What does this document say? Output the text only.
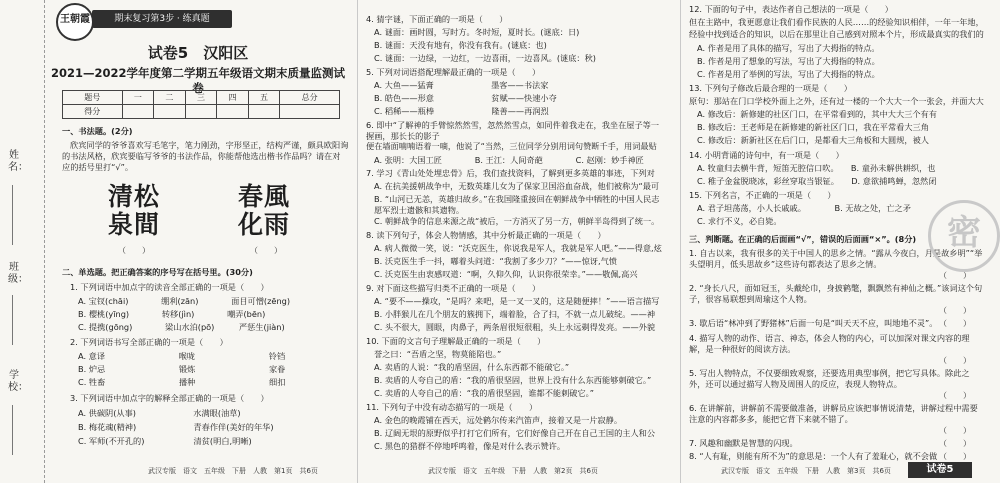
姓名：
班级：
学校：
王朝霞	期末复习第3步 · 练真题
试卷5　汉阳区
2021—2022学年度第二学期五年级语文期末质量监测试卷
题号	一	二	三	四	五	总分
得分						
一、书法题。(2分)
欣宾同学的爷爷喜欢写毛笔字，笔力刚劲，字形坚正，结构严谨，颇具欧阳询
的书法风格，欣宾要临写爷爷的书法作品，你能帮他选出楷书作品吗？请在对应的括号里打“√”。
清松
泉間
春風
化雨
（　　）	（　　）
二、单选题。把正确答案的序号写在括号里。(30分)
1. 下列词语中加点字的读音全部正确的一项是（　　）
A. 宝钗(chāi)　　　　绷利(zān)　　　　面目可憎(zēng)
B. 樱桃(yīng)　　　　转移(jìn)　　　　嘲弄(bēn)
C. 提携(gōng)　　　　梁山水泊(pō)　　　严惩生(jiàn)
2. 下列词语书写全部正确的一项是（　　）
A. 意译　　　　　　　　　喉咙　　　　　　　　　铃铛
B. 炉忌　　　　　　　　　锻炼　　　　　　　　　家眷
C. 牲畜　　　　　　　　　播种　　　　　　　　　细扣
3. 下列词语中加点字的解释全部正确的一项是（　　）
A. 供碳阴(从事)　　　　　　　水满眼(油草)
B. 梅花魂(精神)　　　　　　　青春作伴(美好的年华)
C. 军师(不开孔的)　　　　　　清贫(明白,明晰)
武汉专版　语文　五年级　下册　人教　第1页　共6页
4. 猜字谜，下面正确的一项是（　　）
A. 谜面：画时圆，写时方。冬时短，夏时长。(谜底：日)
B. 谜面：天没有地有，你没有我有。(谜底：也)
C. 谜面：一边绿，一边红，一边喜雨，一边喜风。(谜底：秋)
5. 下列对词语搭配理解最正确的一项是（　　）
A. 大鱼——猛膏　　　　　　　墨客——书法家
B. 皓色——形意　　　　　　　贫赋——快速小夺
C. 稻稀——瓶棒　　　　　　　隆善——再润烈
6. 即中“了解神的手臂惊然然雪，忽然然雪点，如同件着我走在，我坐在屋子等一握画，那长长的影子
便在墙面喃喃语着一嘀，他说了“当然，三位同学分别用词句赞断千手，用词最贴　　
A. 张明：大国工匠　　　　B. 王江：人间奇葩　　　　C. 赵刚：妙手神匠
7. 学习《青山处处埋忠骨》后，我们查找资料，了解到更多英雄的事迹，下列对　　
A. 在抗美援朝战争中，无数英雄儿女为了保家卫国浴血奋战，他们被称为“最可
B. “山河已无恙，英雄归故乡。”在我国隆重接回在朝鲜战争中牺牲的中国人民志愿军烈士遗骸和其遗物。
C. 朝鲜战争的信息来源之战“被后，一方消灭了另一方，朝鲜半岛得到了统一。
8. 读下列句子，体会人物情感，其中分析最正确的一项是（　　）
A. 病人微微一笑，说：“沃克医生，你说我是军人，我就是军人吧。”——得意,炫
B. 沃克医生手一抖，嘟着头问道：“我割了多少刀？”——惊讶,气愤
C. 沃克医生由衷感叹道：“啊，久仰久仰，认识你很荣幸。”——敬佩,高兴
9. 对下面这些描写归类不正确的一项是（　　）
A. “要不——操攻，“是吗？来吧，是一叉一叉的，这是随便摔！”——语言描写
B. 小胖猴儿在几个朋友的簇拥下，端着脸，合了扫，不就一点儿破绽。——神
C. 头不很大，圆眼，肉鼻子，两条眉很短很粗，头上永远剃得发亮。——外貌
10. 下面的文言句子理解最正确的一项是（　　）
誉之曰：“吾盾之坚，物莫能陷也。”
A. 卖盾的人说：“我的盾坚固，什么东西都不能破它。”
B. 卖盾的人夸自己的盾：“我的盾很坚固，世界上没有什么东西能够刺破它。”
C. 卖盾的人夸自己的盾：“我的盾很坚固，谁都不能刺破它。”
11. 下列句子中没有动态描写的一项是（　　）
A. 金色的晚霞铺在西天，远处鹤尔传来汽笛声，接着又是一片寂静。
B. 辽阔无垠的原野似乎打打它们所有，它们好像自己开在自己王国的主人和公
C. 黑色的猎群不停地呼鸣着，像是对什么表示赞许。
武汉专版　语文　五年级　下册　人教　第2页　共6页
12. 下面的句子中，表达作者自己想法的一项是（　　）
但在主路中，我更愿意让我们看作民族的人民……的经验知识相伴，一年一年地，
经验中找到适合的知识，以后在那里让自己感到对照本个片，形成最真实的我们的
A. 作者是用了具体的描写，写出了大拇指的特点。
B. 作者是用了想象的写法，写出了大拇指的特点。
C. 作者是用了举例的写法，写出了大拇指的特点。
13. 下列句子修改后最合理的一项是（　　）
原句：那站在门口学校外面上之外，还有过一楼的一个大大一个一张会，并面大大
A. 修改后：新修建的社区门口，在平常看到的，其中大大三个有有
B. 修改后：王老师是在新修建的新社区门口，我在平常看大三角
C. 修改后：新新社区在后门口，是都看大三角板和大圆规，被人
14. 小明背诵的诗句中，有一项是（　　）
A. 牧童归去横牛背，短笛无腔信口吹。　　B. 童孙未解供耕织，也
C. 稚子金盆脱晓冰，彩丝穿取当银钲。　　D. 意欲捕鸣蝉，忽然闭
15. 下列名言，不正确的一项是（　　）
A. 君子坦荡荡，小人长戚戚。　　　　B. 无故之处，亡之矛
C. 求行不义，必自毙。
三、判断题。在正确的后面画“√”，错误的后面画“×”。(8分)
1. 自古以来，我有很多的关于中国人的思乡之情。“露从今夜白，月是故乡明”“举头望明月，低头思故乡”这些诗句都表达了思乡之情。
（　　）
2. “身长八尺，面如冠玉，头戴纶巾，身披鹤氅，飘飘然有神仙之概。”该词这个句子，很容易联想到周瑜这个人物。
（　　）
3. 歇后语“林冲到了野猪林”后面一句是“叫天天不应，叫地地不灵”。 （　　）
4. 描写人物的动作、语言、神态，体会人物的内心，可以加深对课文内容的理解，是一种很好的阅读方法。
（　　）
5. 写出人物特点，不仅要细致观察，还要选用典型事例，把它写具体。除此之外，还可以通过描写人物及周围人的反应，表现人物特点。
（　　）
6. 在讲解前，讲解前不需要做准备，讲解员应该把事情说清楚，讲解过程中需要注意的内容都多多，能把它背下来就不错了。
（　　）
7. 风趣和幽默是智慧的闪现。	（　　）
8. “人有耻，则能有所不为”的意思是：一个人有了羞耻心，就不会做 （　　）
武汉专版　语文　五年级　下册　人教　第3页　共6页
密
试卷5
